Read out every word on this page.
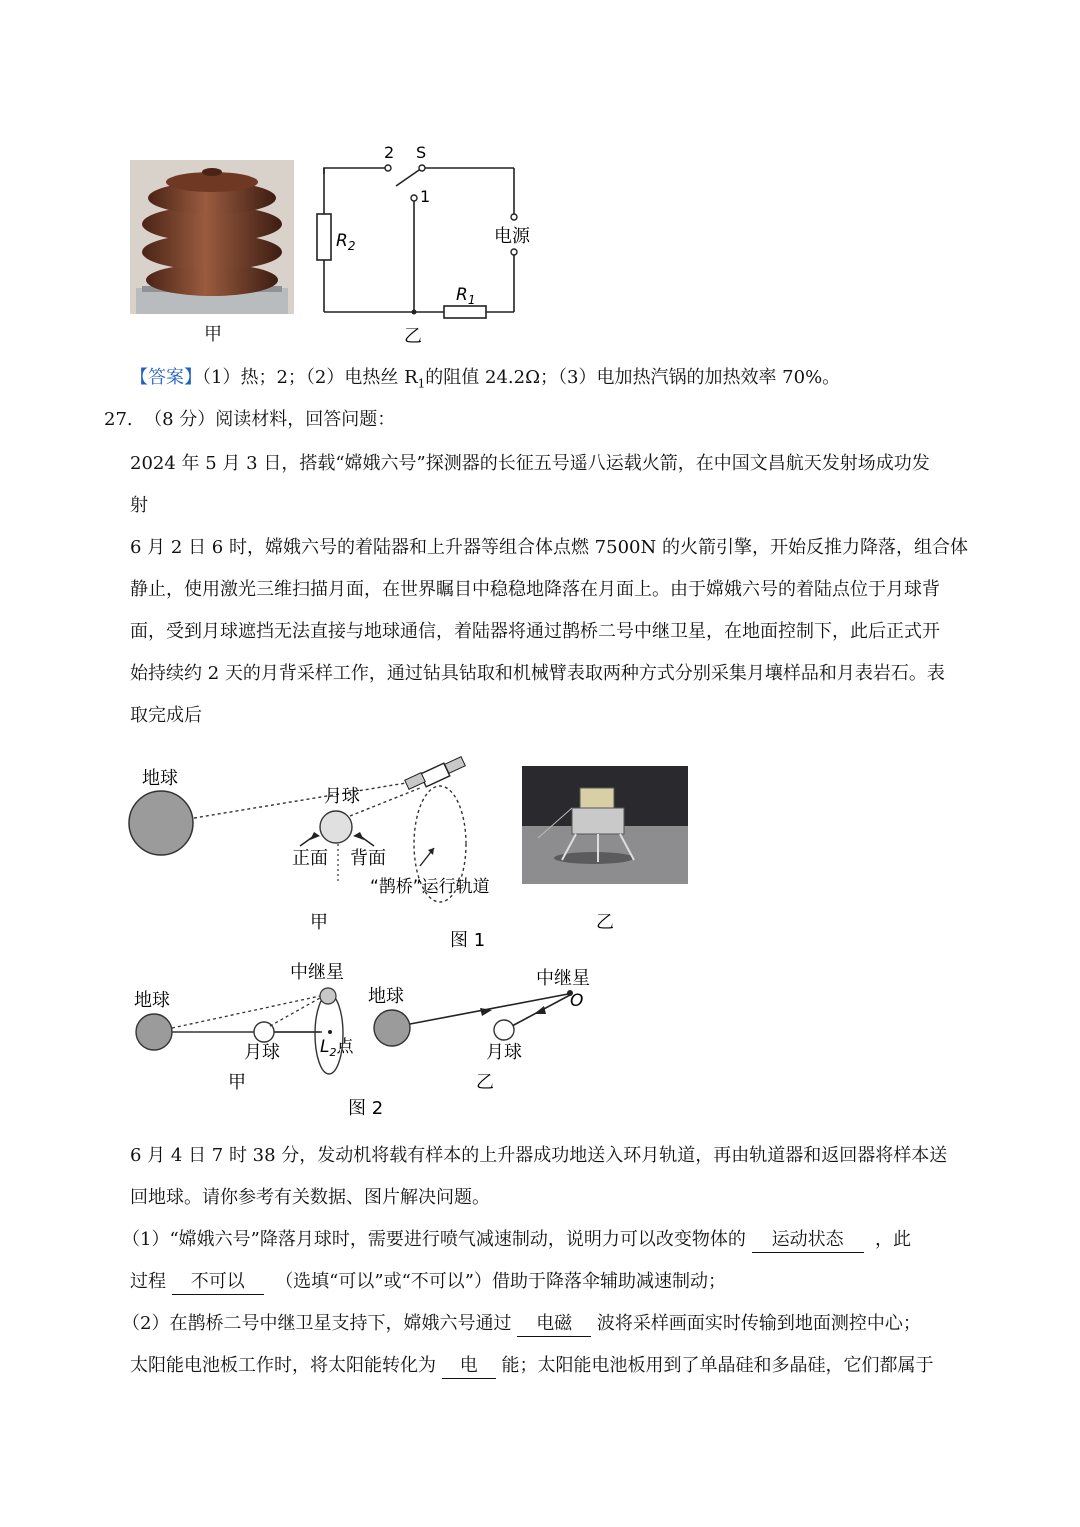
甲
2 S
1
$R_2$
$R_1$
电源
乙
【答案】（1）热；2；（2）电热丝 $R_1$的阻值 24.2Ω；（3）电加热汽锅的加热效率 70%。
27. （8 分）阅读材料，回答问题：
2024 年 5 月 3 日，搭载“嫦娥六号”探测器的长征五号遥八运载火箭，在中国文昌航天发射场成功发
射
6 月 2 日 6 时，嫦娥六号的着陆器和上升器等组合体点燃 7500N 的火箭引擎，开始反推力降落，组合体
静止，使用激光三维扫描月面，在世界瞩目中稳稳地降落在月面上。由于嫦娥六号的着陆点位于月球背
面，受到月球遮挡无法直接与地球通信，着陆器将通过鹊桥二号中继卫星，在地面控制下，此后正式开
始持续约 2 天的月背采样工作，通过钻具钻取和机械臂表取两种方式分别采集月壤样品和月表岩石。表
取完成后
地球
月球
正面 背面
“鹊桥”运行轨道
甲
图 1
乙
中继星
地球
月球 $L_2$点
甲
地球
中继星
O
月球
乙
图 2
6 月 4 日 7 时 38 分，发动机将载有样本的上升器成功地送入环月轨道，再由轨道器和返回器将样本送
回地球。请你参考有关数据、图片解决问题。
（1）“嫦娥六号”降落月球时，需要进行喷气减速制动，说明力可以改变物体的 运动状态 ，此
过程 不可以 （选填“可以”或“不可以”）借助于降落伞辅助减速制动；
（2）在鹊桥二号中继卫星支持下，嫦娥六号通过 电磁 波将采样画面实时传输到地面测控中心；
太阳能电池板工作时，将太阳能转化为 电 能；太阳能电池板用到了单晶硅和多晶硅，它们都属于
